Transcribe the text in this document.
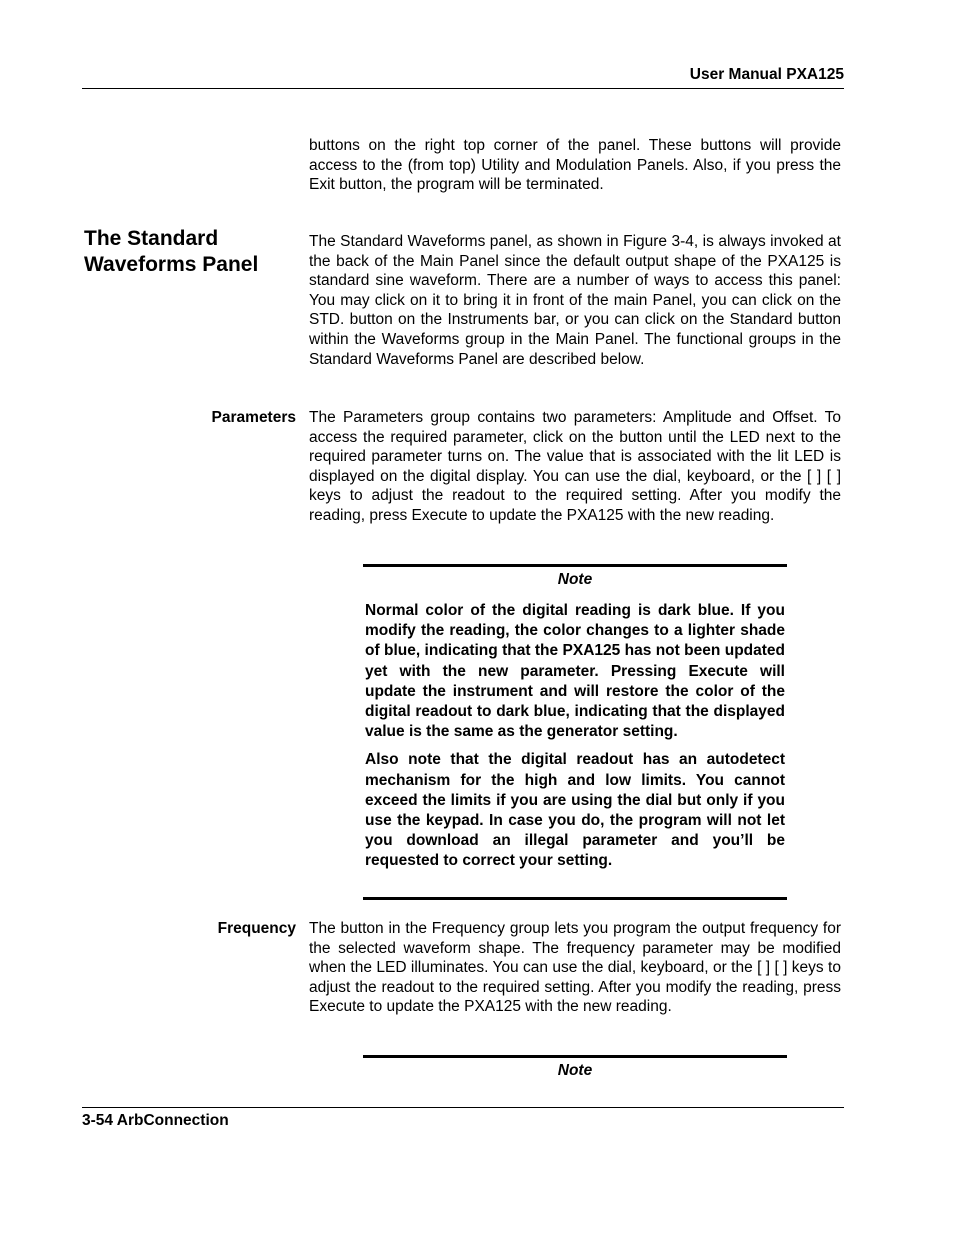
User Manual PXA125

buttons on the right top corner of the panel. These buttons will provide access to the (from top) Utility and Modulation Panels. Also, if you press the Exit button, the program will be terminated.

The Standard Waveforms Panel

The Standard Waveforms panel, as shown in Figure 3-4, is always invoked at the back of the Main Panel since the default output shape of the PXA125 is standard sine waveform. There are a number of ways to access this panel: You may click on it to bring it in front of the main Panel, you can click on the STD. button on the Instruments bar, or you can click on the Standard button within the Waveforms group in the Main Panel. The functional groups in the Standard Waveforms Panel are described below.

Parameters The Parameters group contains two parameters: Amplitude and Offset. To access the required parameter, click on the button until the LED next to the required parameter turns on. The value that is associated with the lit LED is displayed on the digital display. You can use the dial, keyboard, or the [ ] [ ] keys to adjust the readout to the required setting. After you modify the reading, press Execute to update the PXA125 with the new reading.

Note

Normal color of the digital reading is dark blue. If you modify the reading, the color changes to a lighter shade of blue, indicating that the PXA125 has not been updated yet with the new parameter. Pressing Execute will update the instrument and will restore the color of the digital readout to dark blue, indicating that the displayed value is the same as the generator setting.

Also note that the digital readout has an autodetect mechanism for the high and low limits. You cannot exceed the limits if you are using the dial but only if you use the keypad. In case you do, the program will not let you download an illegal parameter and you’ll be requested to correct your setting.

Frequency The button in the Frequency group lets you program the output frequency for the selected waveform shape. The frequency parameter may be modified when the LED illuminates. You can use the dial, keyboard, or the [ ] [ ] keys to adjust the readout to the required setting. After you modify the reading, press Execute to update the PXA125 with the new reading.

Note
3-54 ArbConnection
